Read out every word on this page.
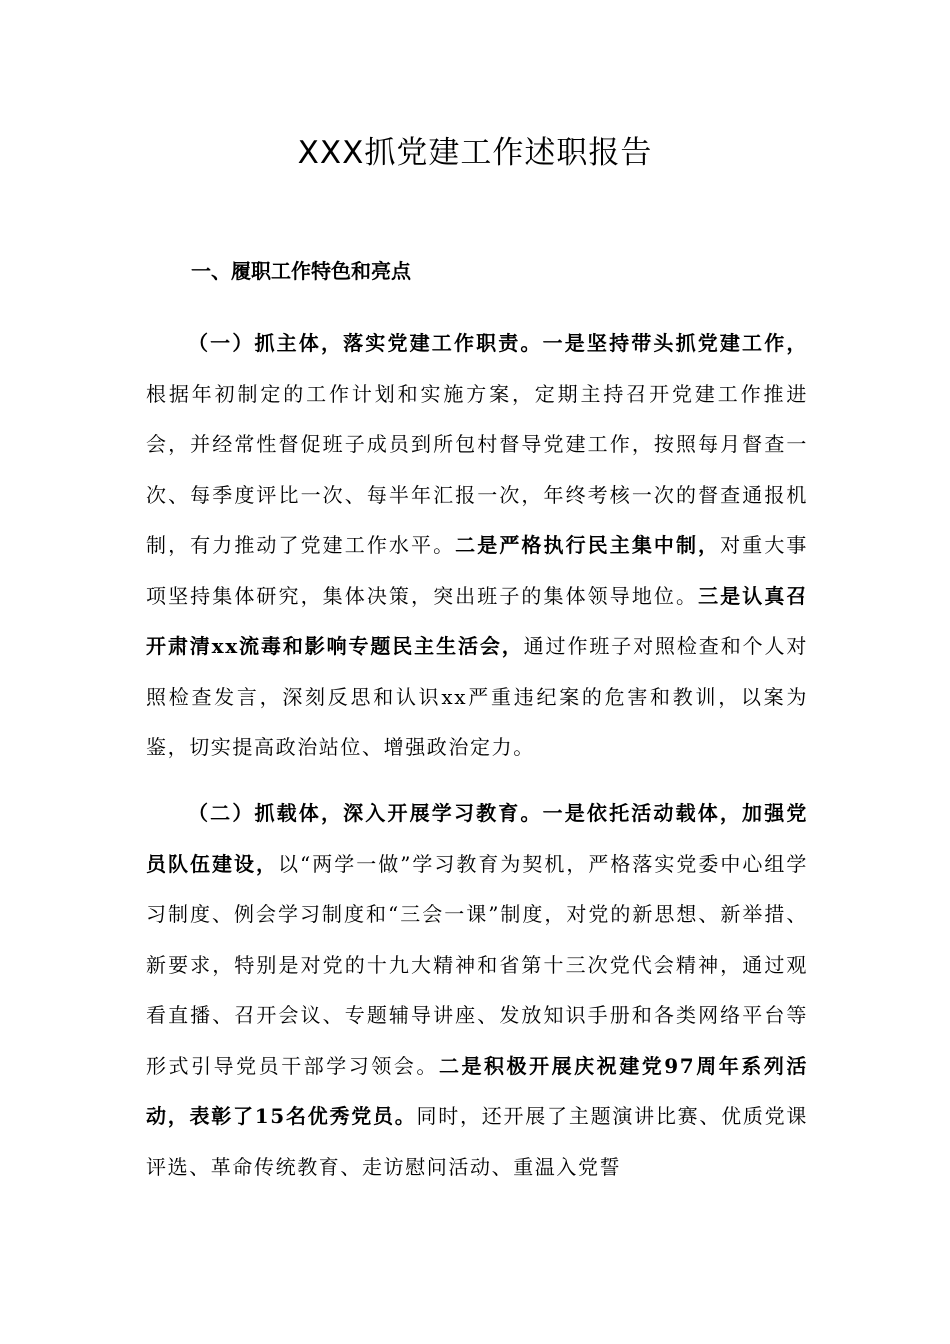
XXX抓党建工作述职报告
一、履职工作特色和亮点

（一）抓主体，落实党建工作职责。一是坚持带头抓党建工作，根据年初制定的工作计划和实施方案，定期主持召开党建工作推进会，并经常性督促班子成员到所包村督导党建工作，按照每月督查一次、每季度评比一次、每半年汇报一次，年终考核一次的督查通报机制，有力推动了党建工作水平。二是严格执行民主集中制，对重大事项坚持集体研究，集体决策，突出班子的集体领导地位。三是认真召开肃清xx流毒和影响专题民主生活会，通过作班子对照检查和个人对照检查发言，深刻反思和认识xx严重违纪案的危害和教训，以案为鉴，切实提高政治站位、增强政治定力。

（二）抓载体，深入开展学习教育。一是依托活动载体，加强党员队伍建设，以“两学一做”学习教育为契机，严格落实党委中心组学习制度、例会学习制度和“三会一课”制度，对党的新思想、新举措、新要求，特别是对党的十九大精神和省第十三次党代会精神，通过观看直播、召开会议、专题辅导讲座、发放知识手册和各类网络平台等形式引导党员干部学习领会。二是积极开展庆祝建党97周年系列活动，表彰了15名优秀党员。同时，还开展了主题演讲比赛、优质党课评选、革命传统教育、走访慰问活动、重温入党誓
